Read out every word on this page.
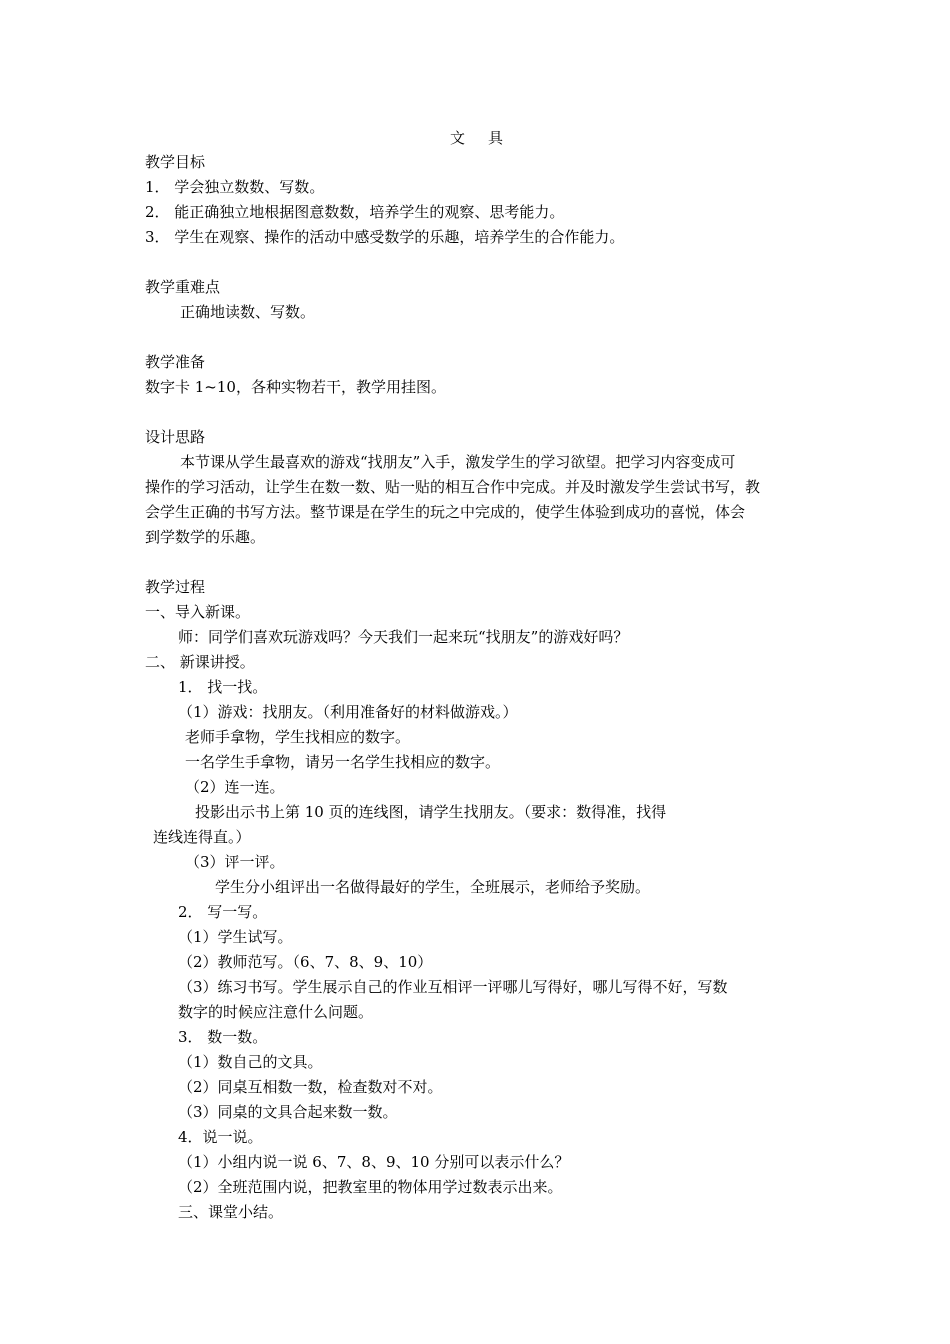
文　具
教学目标
1． 学会独立数数、写数。
2． 能正确独立地根据图意数数，培养学生的观察、思考能力。
3． 学生在观察、操作的活动中感受数学的乐趣，培养学生的合作能力。
教学重难点
正确地读数、写数。
教学准备
数字卡 1~10，各种实物若干，教学用挂图。
设计思路
本节课从学生最喜欢的游戏“找朋友”入手，激发学生的学习欲望。把学习内容变成可
操作的学习活动，让学生在数一数、贴一贴的相互合作中完成。并及时激发学生尝试书写，教
会学生正确的书写方法。整节课是在学生的玩之中完成的，使学生体验到成功的喜悦，体会
到学数学的乐趣。
教学过程
一、导入新课。
师：同学们喜欢玩游戏吗？今天我们一起来玩“找朋友”的游戏好吗？
二、 新课讲授。
1． 找一找。
（1）游戏：找朋友。（利用准备好的材料做游戏。）
老师手拿物，学生找相应的数字。
一名学生手拿物，请另一名学生找相应的数字。
（2）连一连。
投影出示书上第 10 页的连线图，请学生找朋友。（要求：数得准，找得
连线连得直。）
（3）评一评。
学生分小组评出一名做得最好的学生，全班展示，老师给予奖励。
2． 写一写。
（1）学生试写。
（2）教师范写。（6、7、8、9、10）
（3）练习书写。学生展示自己的作业互相评一评哪儿写得好，哪儿写得不好，写数
数字的时候应注意什么问题。
3． 数一数。
（1）数自己的文具。
（2）同桌互相数一数，检查数对不对。
（3）同桌的文具合起来数一数。
4．说一说。
（1）小组内说一说 6、7、8、9、10 分别可以表示什么？
（2）全班范围内说，把教室里的物体用学过数表示出来。
三、课堂小结。
